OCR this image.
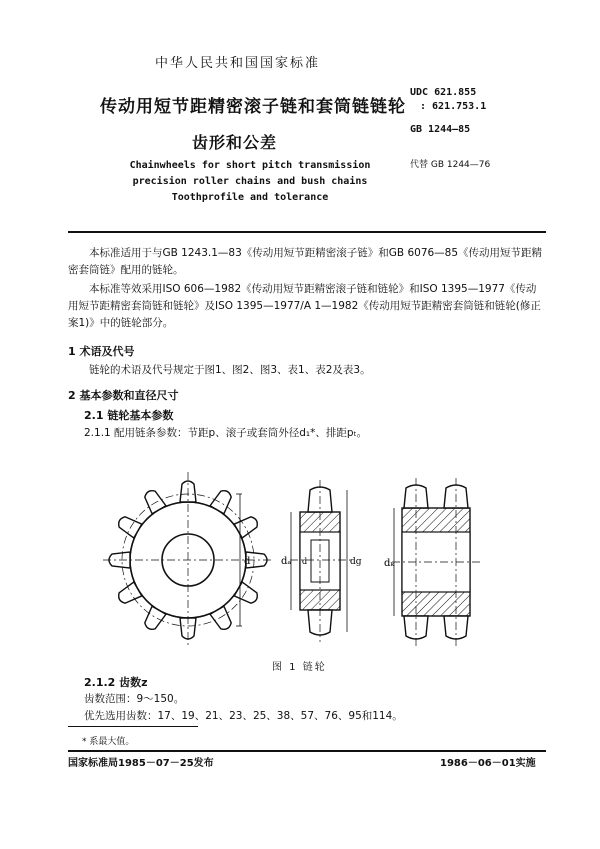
中华人民共和国国家标准
传动用短节距精密滚子链和套筒链链轮
齿形和公差
Chainwheels for short pitch transmission
precision roller chains and bush chains
Toothprofile and tolerance
UDC 621.855
: 621.753.1
GB 1244—85
代替 GB 1244—76
本标准适用于与GB 1243.1—83《传动用短节距精密滚子链》和GB 6076—85《传动用短节距精密套筒链》配用的链轮。
本标准等效采用ISO 606—1982《传动用短节距精密滚子链和链轮》和ISO 1395—1977《传动用短节距精密套筒链和链轮》及ISO 1395—1977/A 1—1982《传动用短节距精密套筒链和链轮(修正案1)》中的链轮部分。
1 术语及代号
链轮的术语及代号规定于图1、图2、图3、表1、表2及表3。
2 基本参数和直径尺寸
2.1 链轮基本参数
2.1.1 配用链条参数：节距p、滚子或套筒外径d₁*、排距pₜ。
d	dₐ	dg
d	dₖ
图 1 链轮
2.1.2 齿数z
齿数范围：9～150。
优先选用齿数：17、19、21、23、25、38、57、76、95和114。
* 系最大值。
国家标准局1985－07－25发布	1986－06－01实施
